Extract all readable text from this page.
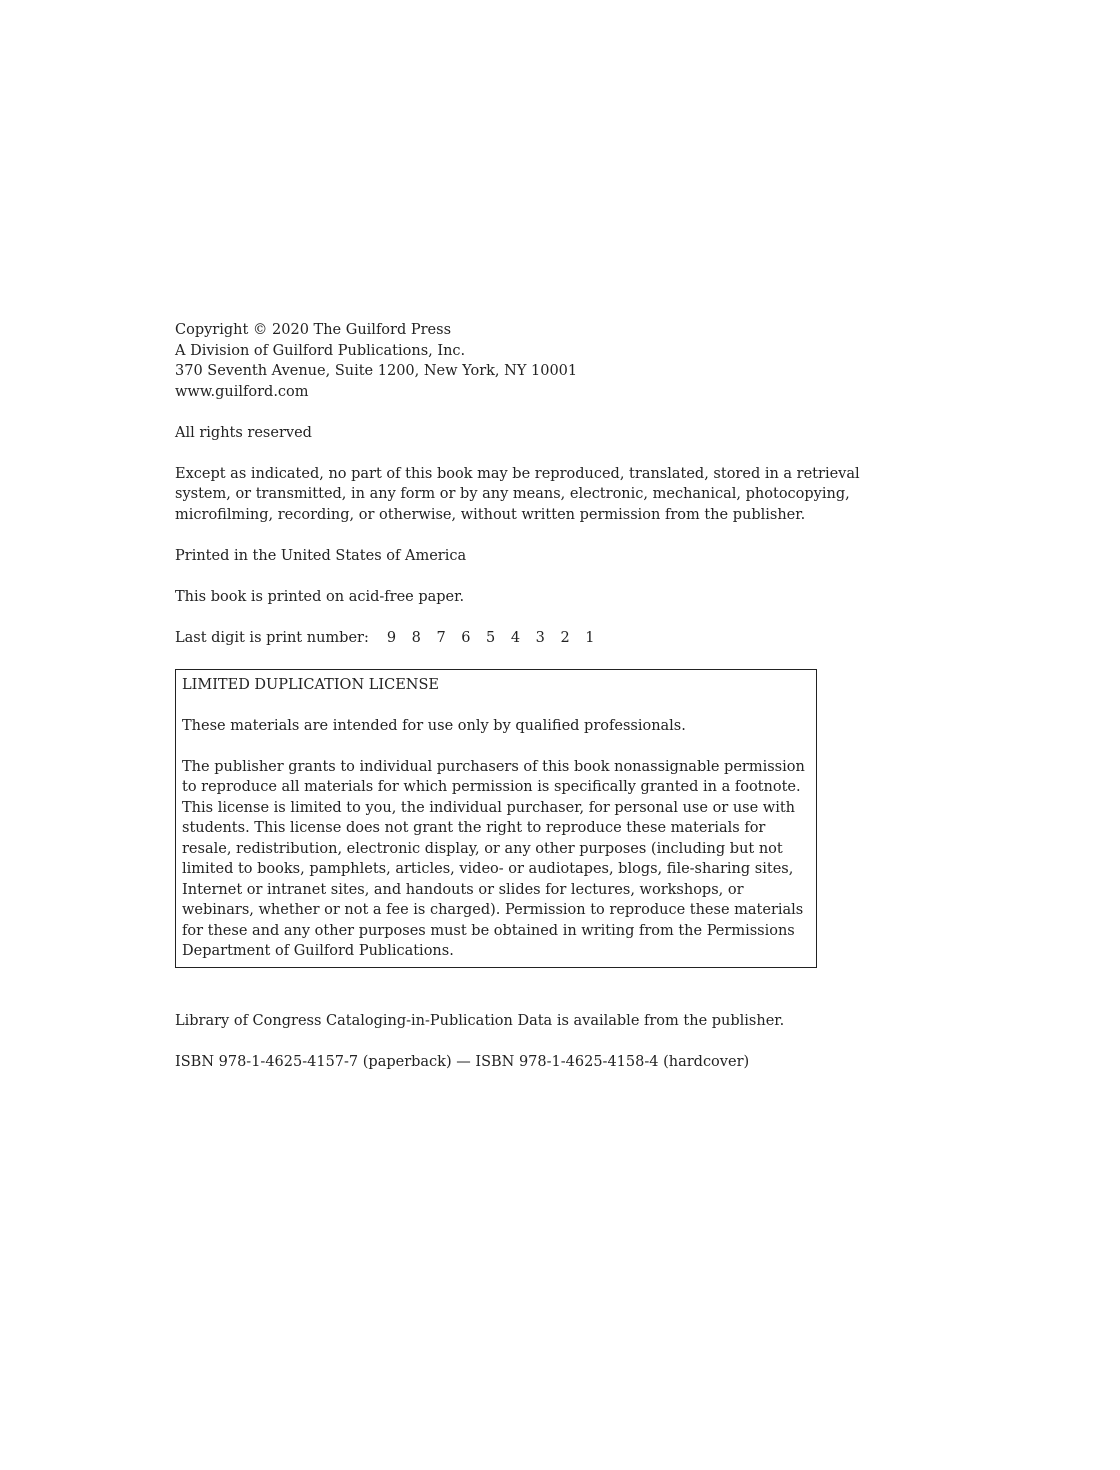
Copyright © 2020 The Guilford Press
A Division of Guilford Publications, Inc.
370 Seventh Avenue, Suite 1200, New York, NY 10001
www.guilford.com
All rights reserved
Except as indicated, no part of this book may be reproduced, translated, stored in a retrieval system, or transmitted, in any form or by any means, electronic, mechanical, photocopying, microfilming, recording, or otherwise, without written permission from the publisher.
Printed in the United States of America
This book is printed on acid-free paper.
Last digit is print number: 9 8 7 6 5 4 3 2 1
LIMITED DUPLICATION LICENSE
These materials are intended for use only by qualified professionals.
The publisher grants to individual purchasers of this book nonassignable permission to reproduce all materials for which permission is specifically granted in a footnote. This license is limited to you, the individual purchaser, for personal use or use with students. This license does not grant the right to reproduce these materials for resale, redistribution, electronic display, or any other purposes (including but not limited to books, pamphlets, articles, video- or audiotapes, blogs, file-sharing sites, Internet or intranet sites, and handouts or slides for lectures, workshops, or webinars, whether or not a fee is charged). Permission to reproduce these materials for these and any other purposes must be obtained in writing from the Permissions Department of Guilford Publications.
Library of Congress Cataloging-in-Publication Data is available from the publisher.
ISBN 978-1-4625-4157-7 (paperback) — ISBN 978-1-4625-4158-4 (hardcover)
